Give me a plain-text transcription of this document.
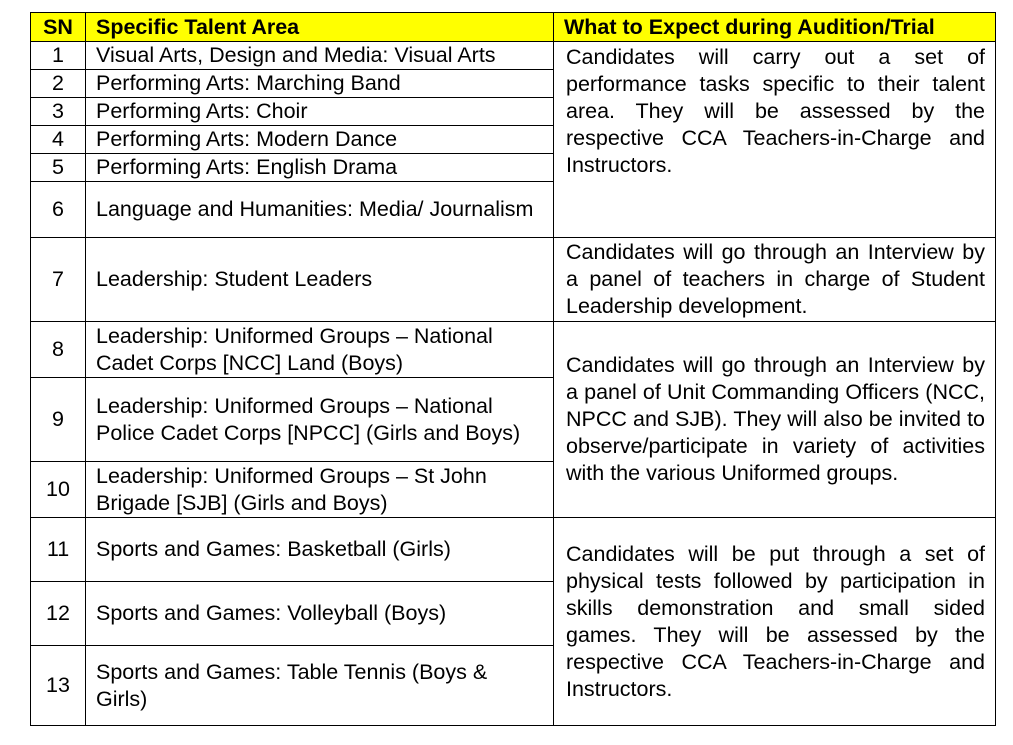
SN	Specific Talent Area	What to Expect during Audition/Trial
1	Visual Arts, Design and Media: Visual Arts	Candidates will carry out a set of performance tasks specific to their talent area. They will be assessed by the respective CCA Teachers-in-Charge and Instructors.
2	Performing Arts: Marching Band	
3	Performing Arts: Choir	
4	Performing Arts: Modern Dance	
5	Performing Arts: English Drama	
6	Language and Humanities: Media/ Journalism	
7	Leadership: Student Leaders	Candidates will go through an Interview by a panel of teachers in charge of Student Leadership development.
8	Leadership: Uniformed Groups – National Cadet Corps [NCC] Land (Boys)	Candidates will go through an Interview by a panel of Unit Commanding Officers (NCC, NPCC and SJB). They will also be invited to observe/participate in variety of activities with the various Uniformed groups.
9	Leadership: Uniformed Groups – National Police Cadet Corps [NPCC] (Girls and Boys)	
10	Leadership: Uniformed Groups – St John Brigade [SJB] (Girls and Boys)	
11	Sports and Games: Basketball (Girls)	Candidates will be put through a set of physical tests followed by participation in skills demonstration and small sided games. They will be assessed by the respective CCA Teachers-in-Charge and Instructors.
12	Sports and Games: Volleyball (Boys)	
13	Sports and Games: Table Tennis (Boys & Girls)	
